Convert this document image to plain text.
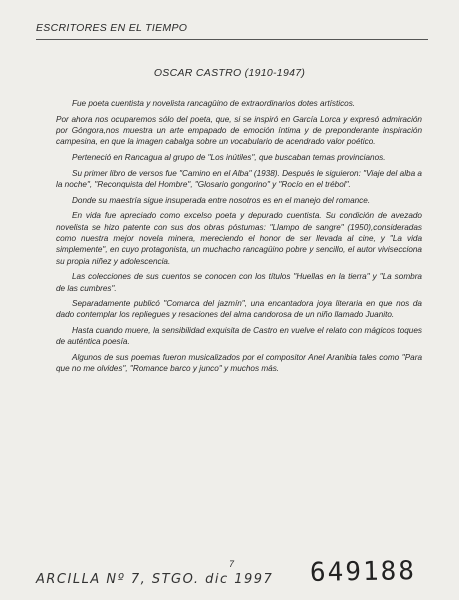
ESCRITORES EN EL TIEMPO
OSCAR CASTRO (1910-1947)

Fue poeta cuentista y novelista rancagüino de extraordinarios dotes artísticos.

Por ahora nos ocuparemos sólo del poeta, que, si se inspiró en García Lorca y expresó admiración por Góngora,nos muestra un arte empapado de emoción íntima y de preponderante inspiración campesina, en que la imagen cabalga sobre un vocabulario de acendrado valor poético.

Perteneció en Rancagua al grupo de "Los inútiles", que buscaban temas provincianos.

Su primer libro de versos fue "Camino en el Alba" (1938). Después le siguieron: "Viaje del alba a la noche", "Reconquista del Hombre", "Glosario gongorino" y "Rocío en el trébol".

Donde su maestría sigue insuperada entre nosotros es en el manejo del romance.

En vida fue apreciado como excelso poeta y depurado cuentista. Su condición de avezado novelista se hizo patente con sus dos obras póstumas: "Llampo de sangre" (1950),consideradas como nuestra mejor novela minera, mereciendo el honor de ser llevada al cine, y "La vida simplemente", en cuyo protagonista, un muchacho rancagüino pobre y sencillo, el autor vivisecciona su propia niñez y adolescencia.

Las colecciones de sus cuentos se conocen con los títulos "Huellas en la tierra" y "La sombra de las cumbres".

Separadamente publicó "Comarca del jazmín", una encantadora joya literaria en que nos da dado contemplar los repliegues y resaciones del alma candorosa de un niño llamado Juanito.

Hasta cuando muere, la sensibilidad exquisita de Castro en vuelve el relato con mágicos toques de auténtica poesía.

Algunos de sus poemas fueron musicalizados por el compositor Anel Aranibia tales como "Para que no me olvides", "Romance barco y junco" y muchos más.

ARCILLA Nº 7, STGO. dic 1997
7	649188
